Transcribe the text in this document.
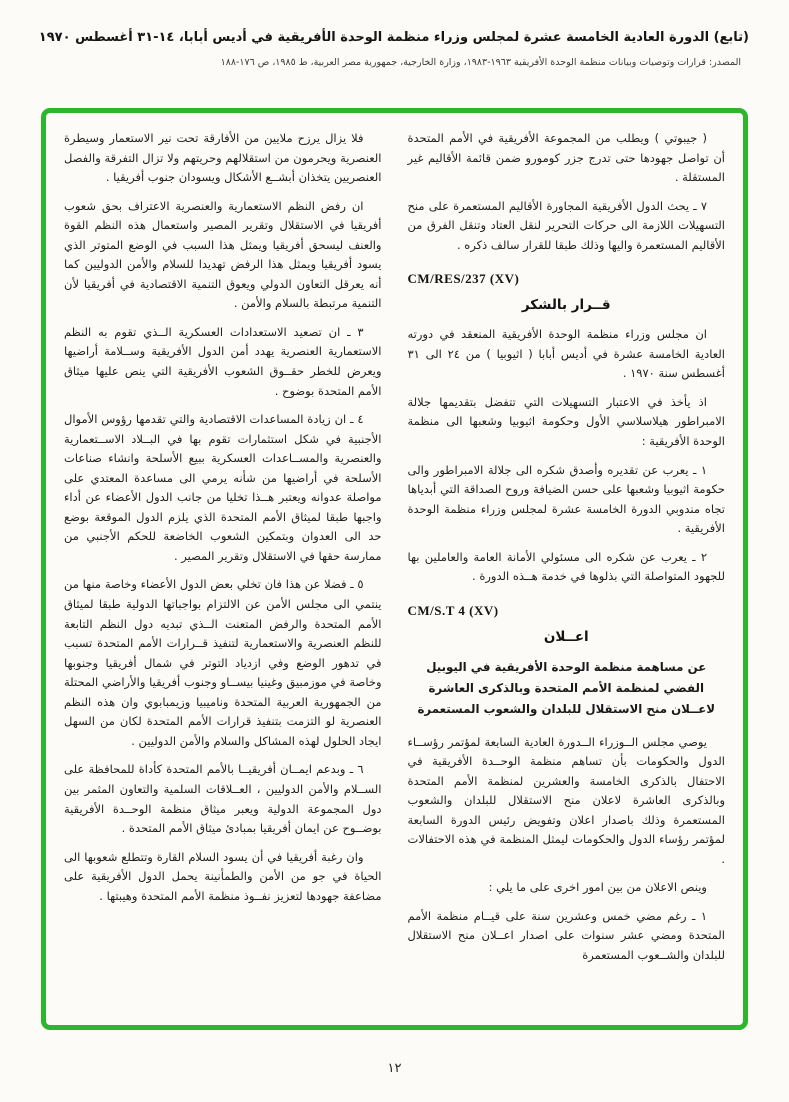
(تابع) الدورة العادية الخامسة عشرة لمجلس وزراء منظمة الوحدة الأفريقية في أديس أبابا، ١٤-٣١ أغسطس ١٩٧٠
المصدر: قرارات وتوصيات وبيانات منظمة الوحدة الأفريقية ١٩٦٣-١٩٨٣، وزارة الخارجية، جمهورية مصر العربية، ط ١٩٨٥، ص ١٧٦-١٨٨

( جيبوتي ) ويطلب من المجموعة الأفريقية في الأمم المتحدة أن تواصل جهودها حتى تدرج جزر كومورو ضمن قائمة الأقاليم غير المستقلة .

٧ ـ يحث الدول الأفريقية المجاورة الأقاليم المستعمرة على منح التسهيلات اللازمة الى حركات التحرير لنقل العتاد وتنقل الفرق من الأقاليم المستعمرة واليها وذلك طبقا للقرار سالف ذكره .

CM/RES/237 (XV)
قــرار بالشكر

ان مجلس وزراء منظمة الوحدة الأفريقية المنعقد في دورته العادية الخامسة عشرة في أديس أبابا ( اثيوبيا ) من ٢٤ الى ٣١ أغسطس سنة ١٩٧٠ .

اذ يأخذ في الاعتبار التسهيلات التي تتفضل بتقديمها جلالة الامبراطور هيلاسلاسي الأول وحكومة اثيوبيا وشعبها الى منظمة الوحدة الأفريقية :

١ ـ يعرب عن تقديره وأصدق شكره الى جلالة الامبراطور والى حكومة اثيوبيا وشعبها على حسن الضيافة وروح الصداقة التي أبدياها تجاه مندوبي الدورة الخامسة عشرة لمجلس وزراء منظمة الوحدة الأفريقية .

٢ ـ يعرب عن شكره الى مسئولي الأمانة العامة والعاملين بها للجهود المتواصلة التي بذلوها في خدمة هــذه الدورة .

CM/S.T 4 (XV)
اعــلان
عن مساهمة منظمة الوحدة الأفريقية في اليوبيل الفضي لمنظمة الأمم المتحدة وبالذكرى العاشرة لاعــلان منح الاستقلال للبلدان والشعوب المستعمرة

يوصي مجلس الــوزراء الــدورة العادية السابعة لمؤتمر رؤســاء الدول والحكومات بأن تساهم منظمة الوحــدة الأفريقية في الاحتفال بالذكرى الخامسة والعشرين لمنظمة الأمم المتحدة وبالذكرى العاشرة لاعلان منح الاستقلال للبلدان والشعوب المستعمرة وذلك باصدار اعلان وتفويض رئيس الدورة السابعة لمؤتمر رؤساء الدول والحكومات ليمثل المنظمة في هذه الاحتفالات .

وينص الاعلان من بين امور اخرى على ما يلي :

١ ـ رغم مضي خمس وعشرين سنة على قيــام منظمة الأمم المتحدة ومضي عشر سنوات على اصدار اعــلان منح الاستقلال للبلدان والشــعوب المستعمرة

فلا يزال يرزح ملايين من الأفارقة تحت نير الاستعمار وسيطرة العنصرية ويحرمون من استقلالهم وحريتهم ولا تزال التفرقة والفصل العنصريين يتخذان أبشــع الأشكال ويسودان جنوب أفريقيا .

ان رفض النظم الاستعمارية والعنصرية الاعتراف بحق شعوب أفريقيا في الاستقلال وتقرير المصير واستعمال هذه النظم القوة والعنف ليسحق أفريقيا ويمثل هذا السبب في الوضع المتوتر الذي يسود أفريقيا ويمثل هذا الرفض تهديدا للسلام والأمن الدوليين كما أنه يعرقل التعاون الدولي ويعوق التنمية الاقتصادية في أفريقيا لأن التنمية مرتبطة بالسلام والأمن .

٣ ـ ان تصعيد الاستعدادات العسكرية الــذي تقوم به النظم الاستعمارية العنصرية يهدد أمن الدول الأفريقية وســلامة أراضيها ويعرض للخطر حقــوق الشعوب الأفريقية التي ينص عليها ميثاق الأمم المتحدة بوضوح .

٤ ـ ان زيادة المساعدات الاقتصادية والتي تقدمها رؤوس الأموال الأجنبية في شكل استثمارات تقوم بها في البــلاد الاســتعمارية والعنصرية والمســاعدات العسكرية ببيع الأسلحة وانشاء صناعات الأسلحة في أراضيها من شأنه يرمي الى مساعدة المعتدي على مواصلة عدوانه ويعتبر هــذا تخليا من جانب الدول الأعضاء عن أداء واجبها طبقا لميثاق الأمم المتحدة الذي يلزم الدول الموقعة بوضع حد الى العدوان وبتمكين الشعوب الخاضعة للحكم الأجنبي من ممارسة حقها في الاستقلال وتقرير المصير .

٥ ـ فضلا عن هذا فان تخلي بعض الدول الأعضاء وخاصة منها من ينتمي الى مجلس الأمن عن الالتزام بواجباتها الدولية طبقا لميثاق الأمم المتحدة والرفض المتعنت الــذي تبديه دول النظم التابعة للنظم العنصرية والاستعمارية لتنفيذ قــرارات الأمم المتحدة تسبب في تدهور الوضع وفي ازدياد التوتر في شمال أفريقيا وجنوبها وخاصة في موزمبيق وغينيا بيســاو وجنوب أفريقيا والأراضي المحتلة من الجمهورية العربية المتحدة وناميبيا وزيمبابوي وان هذه النظم العنصرية لو التزمت بتنفيذ قرارات الأمم المتحدة لكان من السهل ايجاد الحلول لهذه المشاكل والسلام والأمن الدوليين .

٦ ـ وبدعم ايمــان أفريقيــا بالأمم المتحدة كأداة للمحافظة على الســلام والأمن الدوليين ، العــلاقات السلمية والتعاون المثمر بين دول المجموعة الدولية ويعبر ميثاق منظمة الوحــدة الأفريقية بوضــوح عن ايمان أفريقيا بمبادئ ميثاق الأمم المتحدة .

وان رغبة أفريقيا في أن يسود السلام القارة وتتطلع شعوبها الى الحياة في جو من الأمن والطمأنينة يحمل الدول الأفريقية على مضاعفة جهودها لتعزيز نفــوذ منظمة الأمم المتحدة وهيبتها .

١٢
